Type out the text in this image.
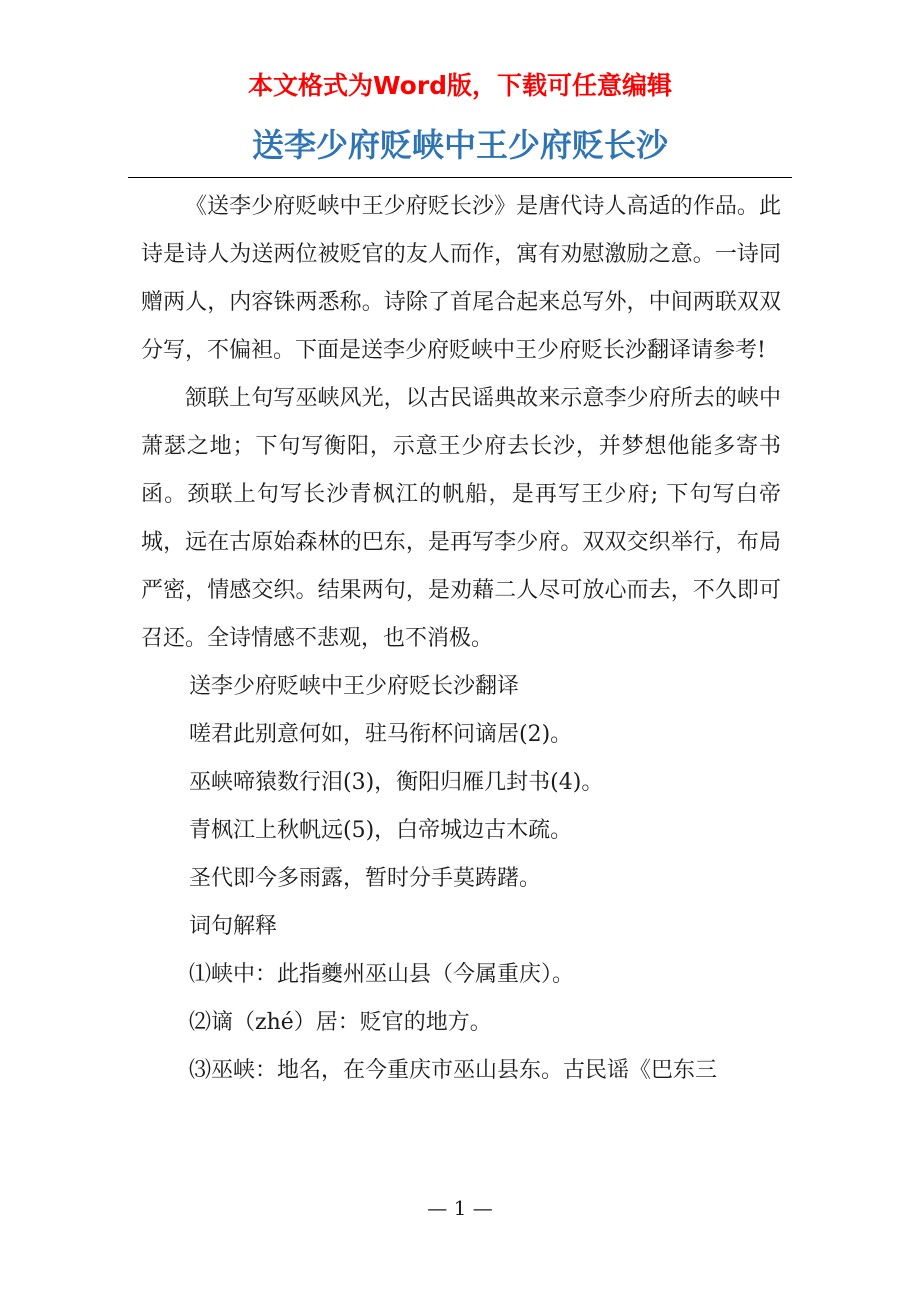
本文格式为Word版，下载可任意编辑
送李少府贬峡中王少府贬长沙

《送李少府贬峡中王少府贬长沙》是唐代诗人高适的作品。此诗是诗人为送两位被贬官的友人而作，寓有劝慰激励之意。一诗同赠两人，内容铢两悉称。诗除了首尾合起来总写外，中间两联双双分写，不偏袒。下面是送李少府贬峡中王少府贬长沙翻译请参考!

颔联上句写巫峡风光，以古民谣典故来示意李少府所去的峡中萧瑟之地；下句写衡阳，示意王少府去长沙，并梦想他能多寄书函。颈联上句写长沙青枫江的帆船，是再写王少府; 下句写白帝城，远在古原始森林的巴东，是再写李少府。双双交织举行，布局严密，情感交织。结果两句，是劝藉二人尽可放心而去，不久即可召还。全诗情感不悲观，也不消极。

送李少府贬峡中王少府贬长沙翻译

嗟君此别意何如，驻马衔杯问谪居(2)。

巫峡啼猿数行泪(3)，衡阳归雁几封书(4)。

青枫江上秋帆远(5)，白帝城边古木疏。

圣代即今多雨露，暂时分手莫踌躇。

词句解释

⑴峡中：此指夔州巫山县（今属重庆）。

⑵谪（zhé）居：贬官的地方。

⑶巫峡：地名，在今重庆市巫山县东。古民谣《巴东三

— 1 —
